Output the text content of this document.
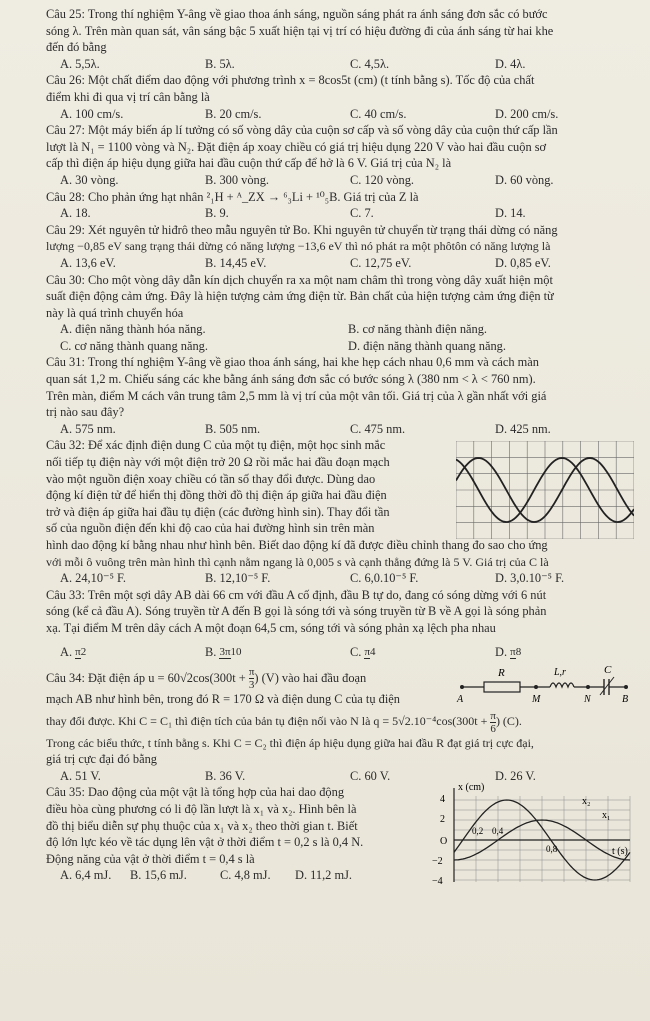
Câu 25: Trong thí nghiệm Y-âng về giao thoa ánh sáng, nguồn sáng phát ra ánh sáng đơn sắc có bước

sóng λ. Trên màn quan sát, vân sáng bậc 5 xuất hiện tại vị trí có hiệu đường đi của ánh sáng từ hai khe

đến đó bằng

A. 5,5λ.	B. 5λ.	C. 4,5λ.	D. 4λ.

Câu 26: Một chất điểm dao động với phương trình x = 8cos5t (cm) (t tính bằng s). Tốc độ của chất

điểm khi đi qua vị trí cân bằng là

A. 100 cm/s.	B. 20 cm/s.	C. 40 cm/s.	D. 200 cm/s.

Câu 27: Một máy biến áp lí tưởng có số vòng dây của cuộn sơ cấp và số vòng dây của cuộn thứ cấp lần

lượt là N₁ = 1100 vòng và N₂. Đặt điện áp xoay chiều có giá trị hiệu dụng 220 V vào hai đầu cuộn sơ

cấp thì điện áp hiệu dụng giữa hai đầu cuộn thứ cấp để hở là 6 V. Giá trị của N₂ là

A. 30 vòng.	B. 300 vòng.	C. 120 vòng.	D. 60 vòng.

Câu 28: Cho phản ứng hạt nhân ²₁H + ᴬ_ZX → ⁶₃Li + ¹⁰₅B. Giá trị của Z là

A. 18.	B. 9.	C. 7.	D. 14.

Câu 29: Xét nguyên tử hiđrô theo mẫu nguyên tử Bo. Khi nguyên tử chuyển từ trạng thái dừng có năng

lượng −0,85 eV sang trạng thái dừng có năng lượng −13,6 eV thì nó phát ra một phôtôn có năng lượng là

A. 13,6 eV.	B. 14,45 eV.	C. 12,75 eV.	D. 0,85 eV.

Câu 30: Cho một vòng dây dẫn kín dịch chuyển ra xa một nam châm thì trong vòng dây xuất hiện một

suất điện động cảm ứng. Đây là hiện tượng cảm ứng điện từ. Bản chất của hiện tượng cảm ứng điện từ

này là quá trình chuyển hóa

A. điện năng thành hóa năng.	B. cơ năng thành điện năng.
C. cơ năng thành quang năng.	D. điện năng thành quang năng.

Câu 31: Trong thí nghiệm Y-âng về giao thoa ánh sáng, hai khe hẹp cách nhau 0,6 mm và cách màn

quan sát 1,2 m. Chiếu sáng các khe bằng ánh sáng đơn sắc có bước sóng λ (380 nm < λ < 760 nm).

Trên màn, điểm M cách vân trung tâm 2,5 mm là vị trí của một vân tối. Giá trị của λ gần nhất với giá

trị nào sau đây?

A. 575 nm.	B. 505 nm.	C. 475 nm.	D. 425 nm.

Câu 32: Để xác định điện dung C của một tụ điện, một học sinh mắc

nối tiếp tụ điện này với một điện trở 20 Ω rồi mắc hai đầu đoạn mạch

vào một nguồn điện xoay chiều có tần số thay đổi được. Dùng dao

động kí điện tử để hiển thị đồng thời đồ thị điện áp giữa hai đầu điện

trở và điện áp giữa hai đầu tụ điện (các đường hình sin). Thay đổi tần

số của nguồn điện đến khi độ cao của hai đường hình sin trên màn

hình dao động kí bằng nhau như hình bên. Biết dao động kí đã được điều chỉnh thang đo sao cho ứng

với mỗi ô vuông trên màn hình thì cạnh nằm ngang là 0,005 s và cạnh thẳng đứng là 5 V. Giá trị của C là

A. 24,10⁻⁵ F.	B. 12,10⁻⁵ F.	C. 6,0.10⁻⁵ F.	D. 3,0.10⁻⁵ F.

Câu 33: Trên một sợi dây AB dài 66 cm với đầu A cố định, đầu B tự do, đang có sóng dừng với 6 nút

sóng (kể cả đầu A). Sóng truyền từ A đến B gọi là sóng tới và sóng truyền từ B về A gọi là sóng phản

xạ. Tại điểm M trên dây cách A một đoạn 64,5 cm, sóng tới và sóng phản xạ lệch pha nhau

A. π2	B. 3π10	C. π4	D. π8

Câu 34: Đặt điện áp $u = 60√2\cos(300t + \frac{\pi}{3}$ ) (V) vào hai đầu đoạn

mạch AB như hình bên, trong đó R = 170 Ω và điện dung C của tụ điện

thay đổi được. Khi C = C₁ thì điện tích của bản tụ điện nối vào N là $q = 5√2.10^{-4}\cos(300t + \frac{\pi}{6}$ ) (C).

Trong các biểu thức, t tính bằng s. Khi C = C₂ thì điện áp hiệu dụng giữa hai đầu R đạt giá trị cực đại,

giá trị cực đại đó bằng

A. 51 V.	B. 36 V.	C. 60 V.	D. 26 V.
R	L,r	C
A	M	N	B

Câu 35: Dao động của một vật là tổng hợp của hai dao động

điều hòa cùng phương có li độ lần lượt là x₁ và x₂. Hình bên là

đồ thị biểu diễn sự phụ thuộc của x₁ và x₂ theo thời gian t. Biết

độ lớn lực kéo về tác dụng lên vật ở thời điểm t = 0,2 s là 0,4 N.

Động năng của vật ở thời điểm t = 0,4 s là

A. 6,4 mJ.	B. 15,6 mJ.	C. 4,8 mJ.	D. 11,2 mJ.
x (cm)
t (s)
4
2
O
−2
−4
0,2 0,4
0,8
x₁
x₂
